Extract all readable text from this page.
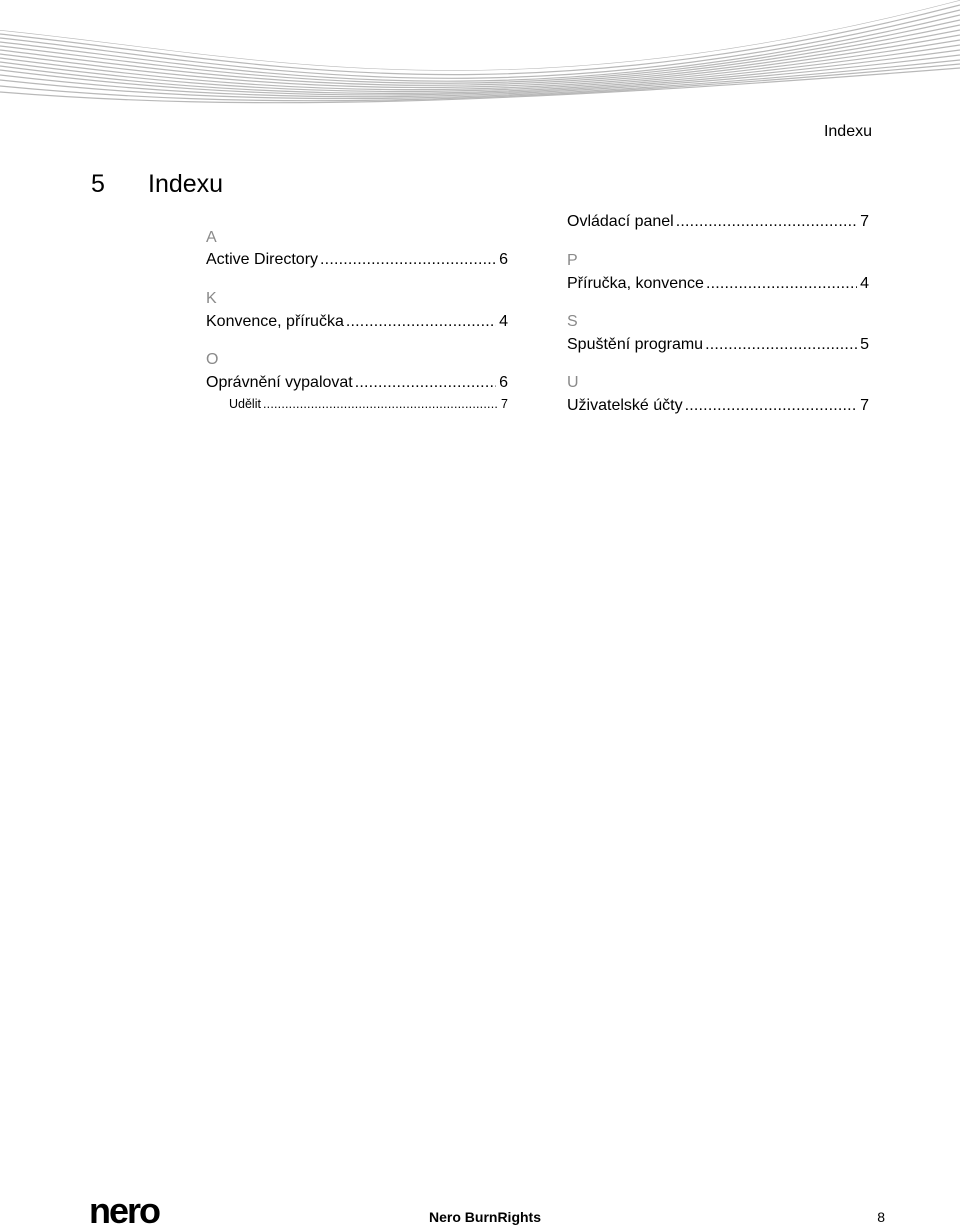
Indexu
5 Indexu
A
Active Directory .....	6
K
Konvence, příručka .....	4
O
Oprávnění vypalovat .....	6
Udělit .....	7
Ovládací panel .....	7
P
Příručka, konvence .....	4
S
Spuštění programu .....	5
U
Uživatelské účty .....	7
nero	Nero BurnRights	8
